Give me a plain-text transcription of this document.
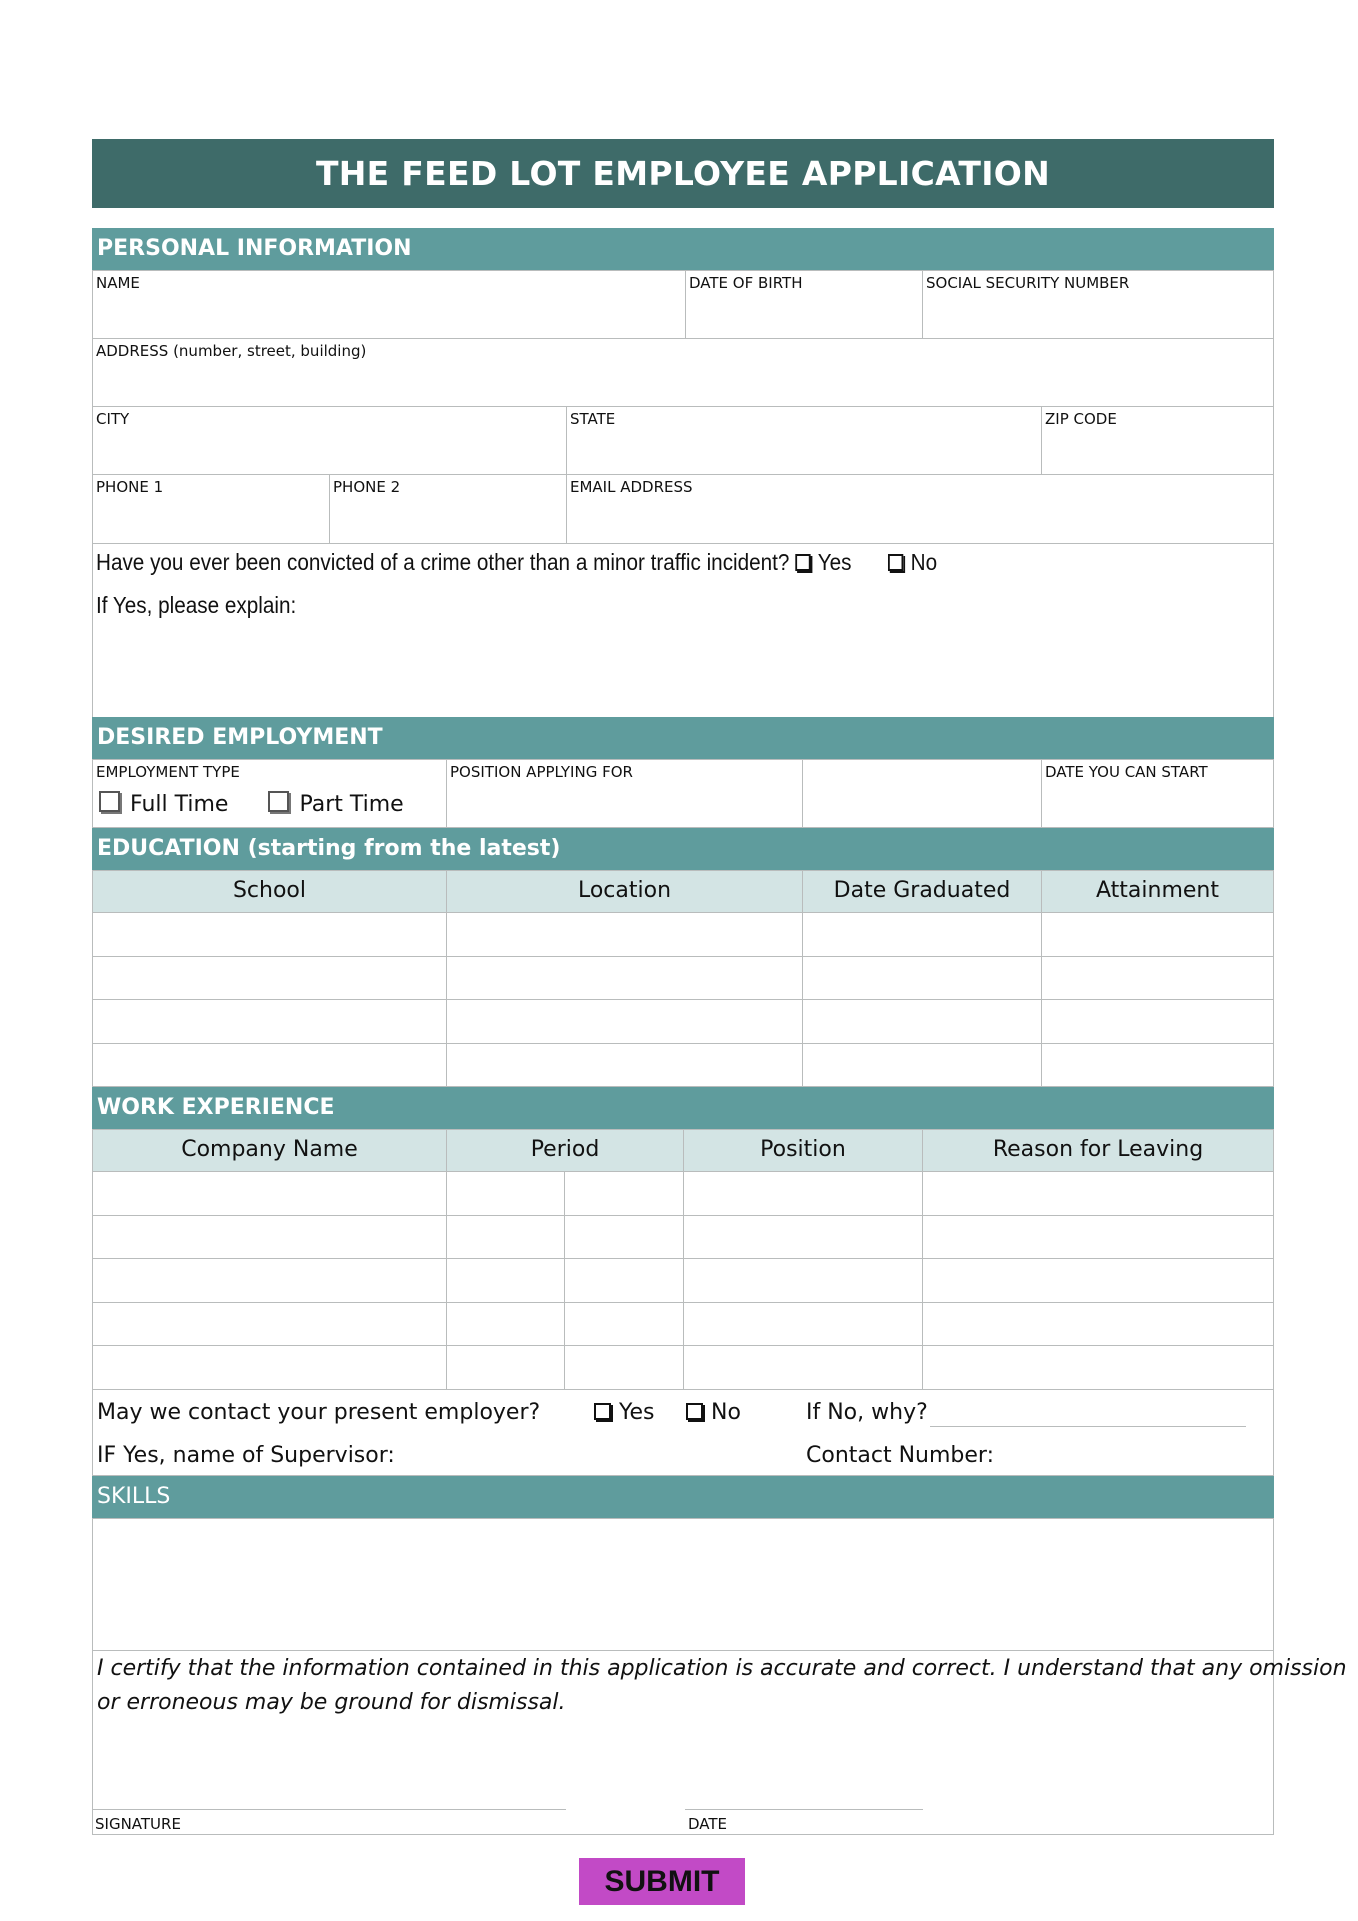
THE FEED LOT EMPLOYEE APPLICATION
PERSONAL INFORMATION
NAME	DATE OF BIRTH	SOCIAL SECURITY NUMBER
ADDRESS (number, street, building)
CITY	STATE	ZIP CODE
PHONE 1	PHONE 2	EMAIL ADDRESS
Have you ever been convicted of a crime other than a minor traffic incident? Yes	No
If Yes, please explain:
DESIRED EMPLOYMENT
EMPLOYMENT TYPE
Full Time	Part Time
POSITION APPLYING FOR	DATE YOU CAN START
EDUCATION (starting from the latest)
School	Location	Date Graduated	Attainment
WORK EXPERIENCE
Company Name	Period	Position	Reason for Leaving
May we contact your present employer?	Yes	No	If No, why?
IF Yes, name of Supervisor:	Contact Number:
SKILLS
I certify that the information contained in this application is accurate and correct. I understand that any omission
or erroneous may be ground for dismissal.
SIGNATURE	DATE
SUBMIT
